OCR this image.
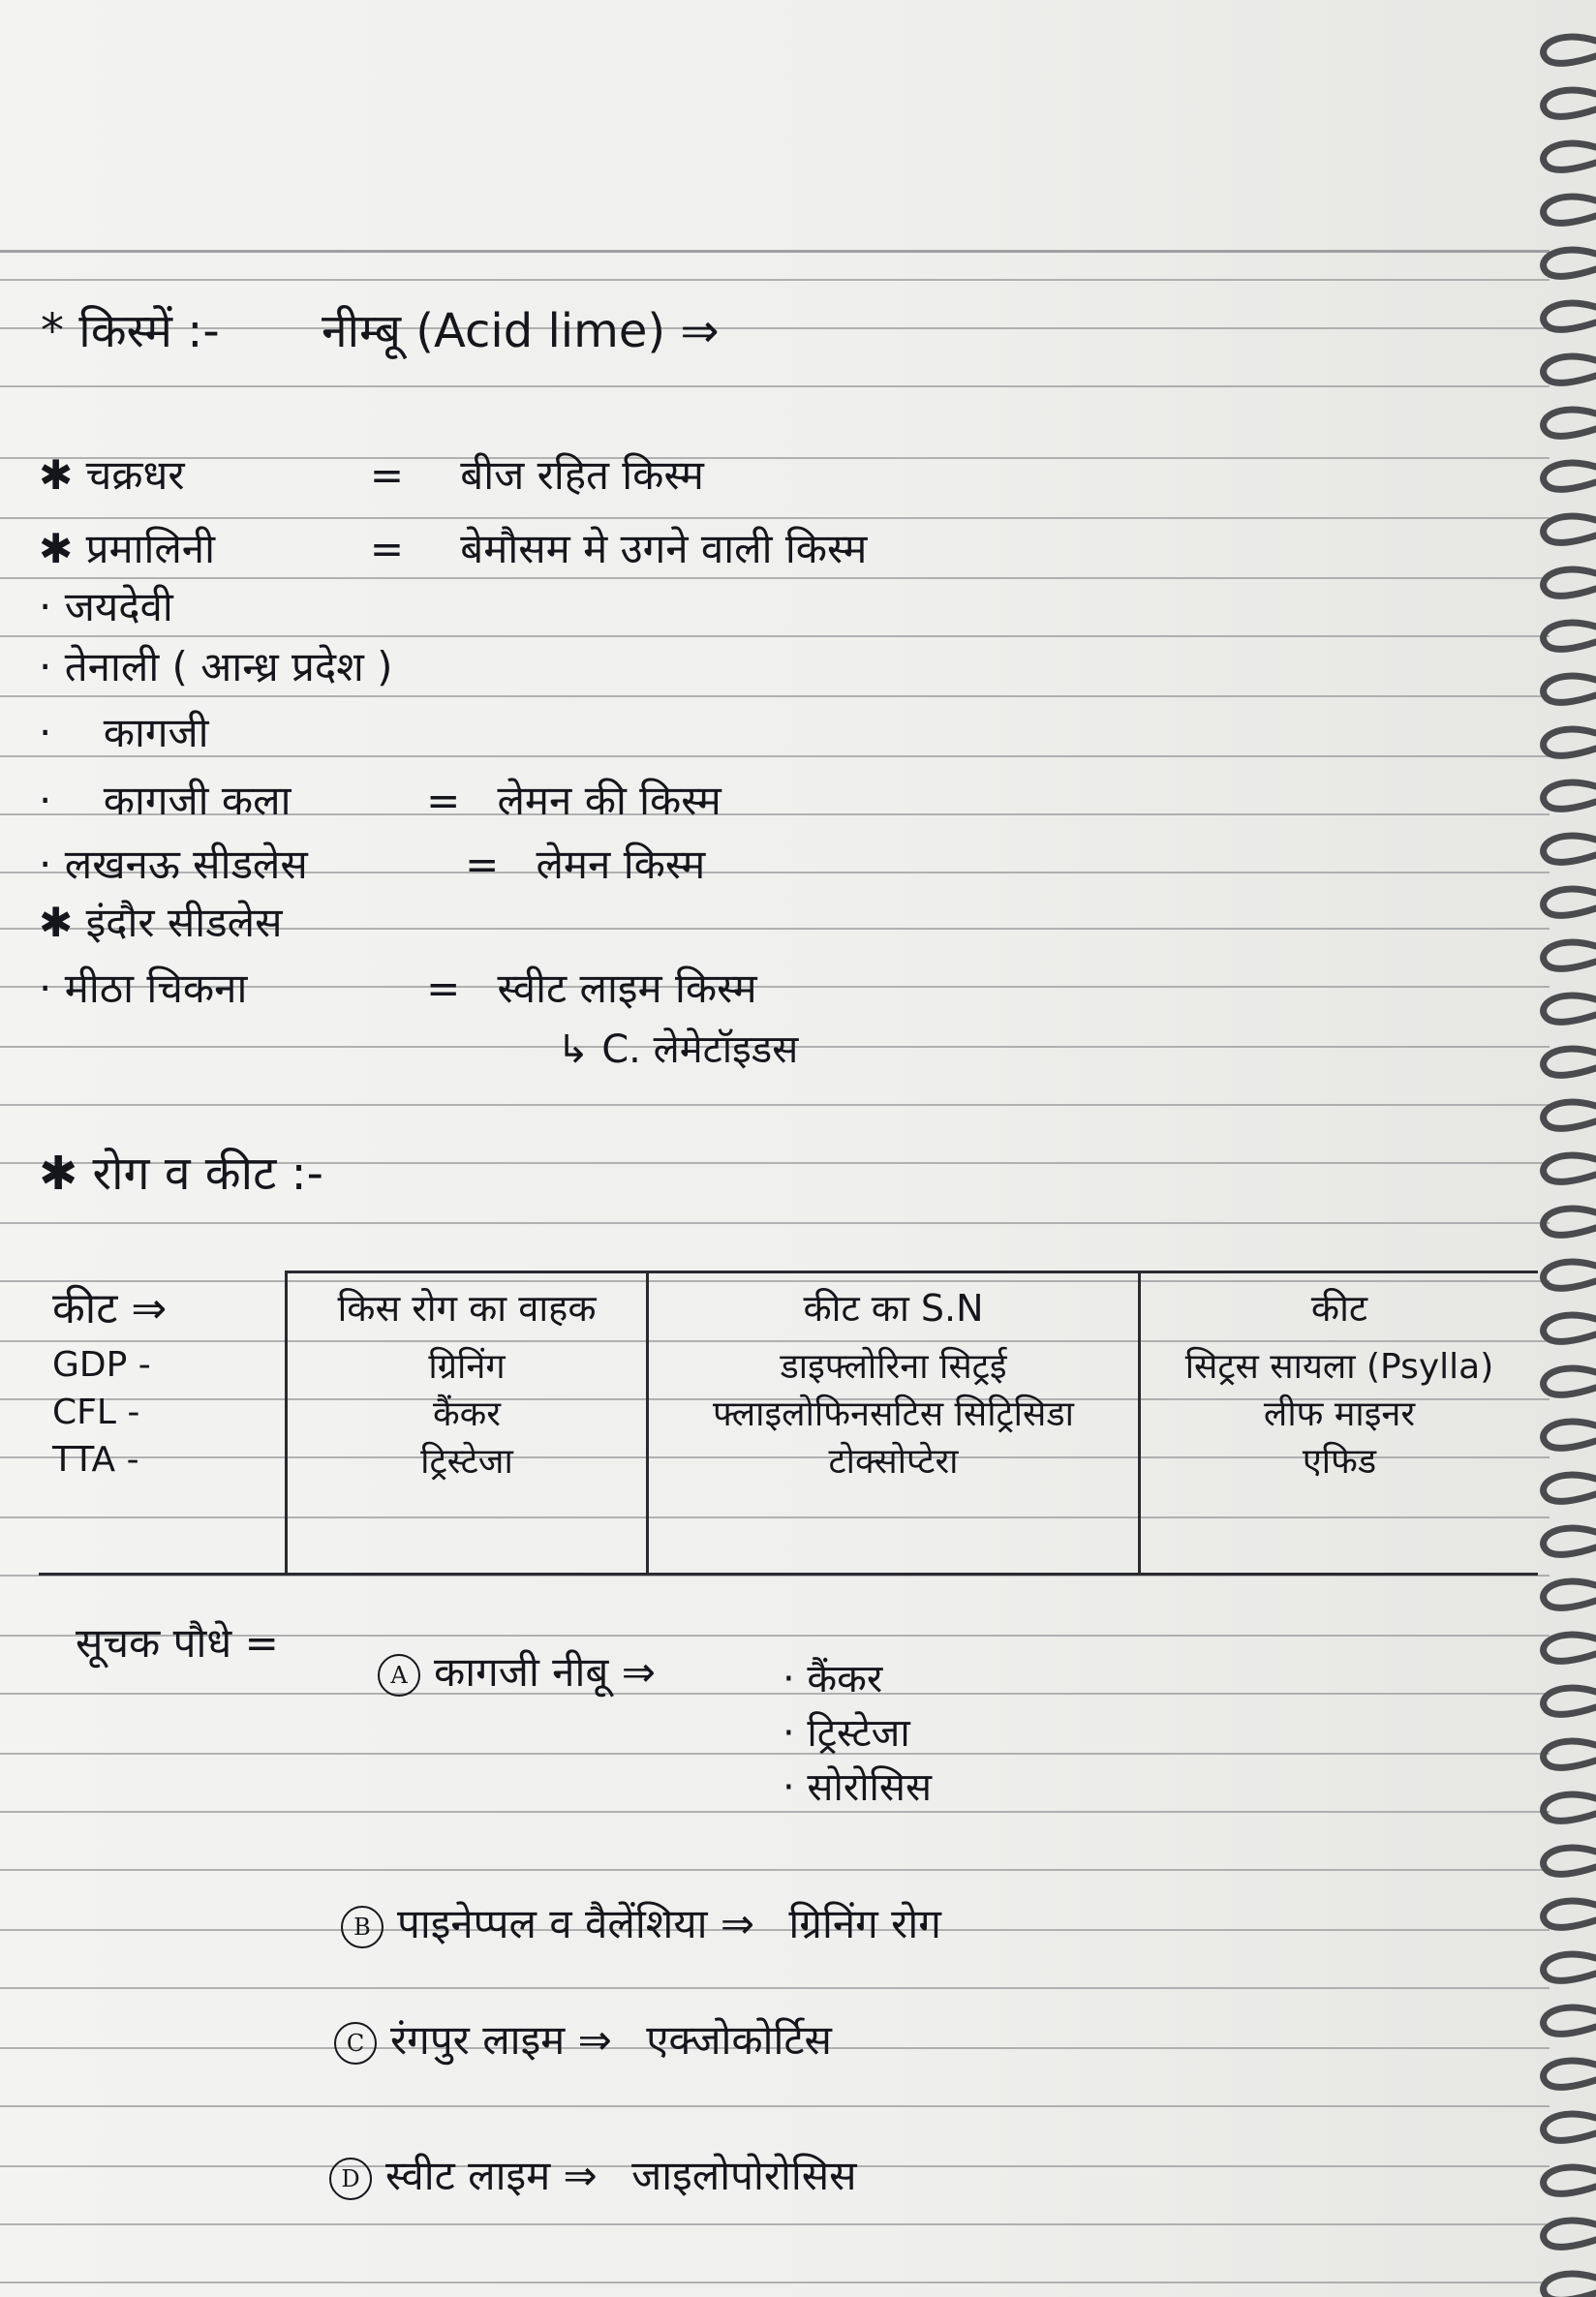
* किस्में :- नीम्बू (Acid lime) ⇒
✱ चक्रधर	= बीज रहित किस्म
✱ प्रमालिनी	= बेमौसम मे उगने वाली किस्म
· जयदेवी
· तेनाली ( आन्ध्र प्रदेश )
· कागजी
· कागजी कला	= लेमन की किस्म
· लखनऊ सीडलेस	= लेमन किस्म
✱ इंदौर सीडलेस
· मीठा चिकना	= स्वीट लाइम किस्म
↳ C. लेमेटॉइडस
✱ रोग व कीट :-
कीट ⇒	किस रोग का वाहक	कीट का S.N	कीट
GDP -	ग्रिनिंग	डाइफ्लोरिना सिट्रई	सिट्रस सायला (Psylla)
CFL -	कैंकर	फ्लाइलोफिनसटिस सिट्रिसिडा	लीफ माइनर
TTA -	ट्रिस्टेजा	टोक्सोप्टेरा	एफिड

सूचक पौधे =
A कागजी नीबू ⇒	· कैंकर
· ट्रिस्टेजा
· सोरोसिस
B पाइनेप्पल व वैलेंशिया ⇒ ग्रिनिंग रोग
C रंगपुर लाइम ⇒ एक्जोकोर्टिस
D स्वीट लाइम ⇒ जाइलोपोरोसिस
